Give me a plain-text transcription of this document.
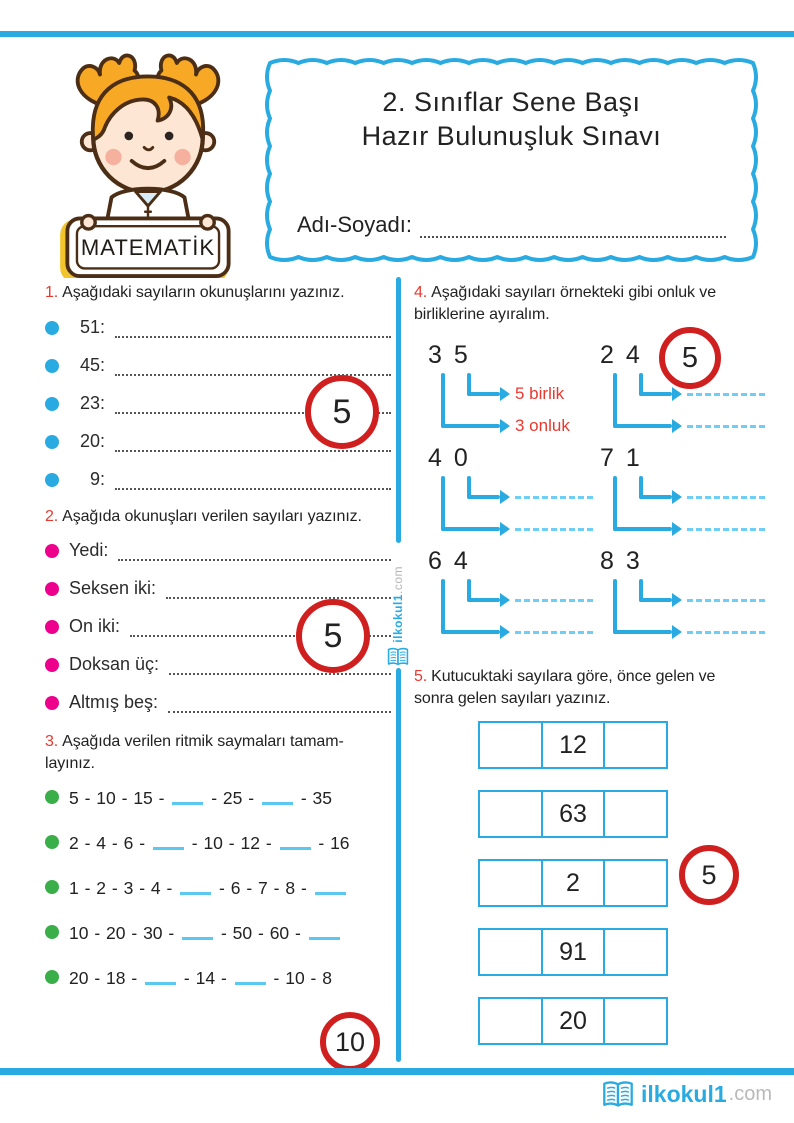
MATEMATİK
2. Sınıflar Sene Başı
Hazır Bulunuşluk Sınavı
Adı-Soyadı:
ilkokul1.com
1. Aşağıdaki sayıların okunuşlarını yazınız.
51:
45:
23:
20:
9:
2. Aşağıda okunuşları verilen sayıları yazınız.
Yedi:
Seksen iki:
On iki:
Doksan üç:
Altmış beş:
3. Aşağıda verilen ritmik saymaları tamam-
layınız.
5 - 10 - 15 -  - 25 -  - 35
2 - 4 - 6 -  - 10 - 12 -  - 16
1 - 2 - 3 - 4 -  - 6 - 7 - 8 -
10 - 20 - 30 -  - 50 - 60 -
20 - 18 -  - 14 -  - 10 - 8
4. Aşağıdaki sayıları örnekteki gibi onluk ve birliklerine ayıralım.
3 5
5 birlik
3 onluk
2 4
4 0	7 1
6 4	8 3
5. Kutucuktaki sayılara göre, önce gelen ve
sonra gelen sayıları yazınız.
12
63
2
91
20
5
5
10
5
5
ilkokul1 .com
